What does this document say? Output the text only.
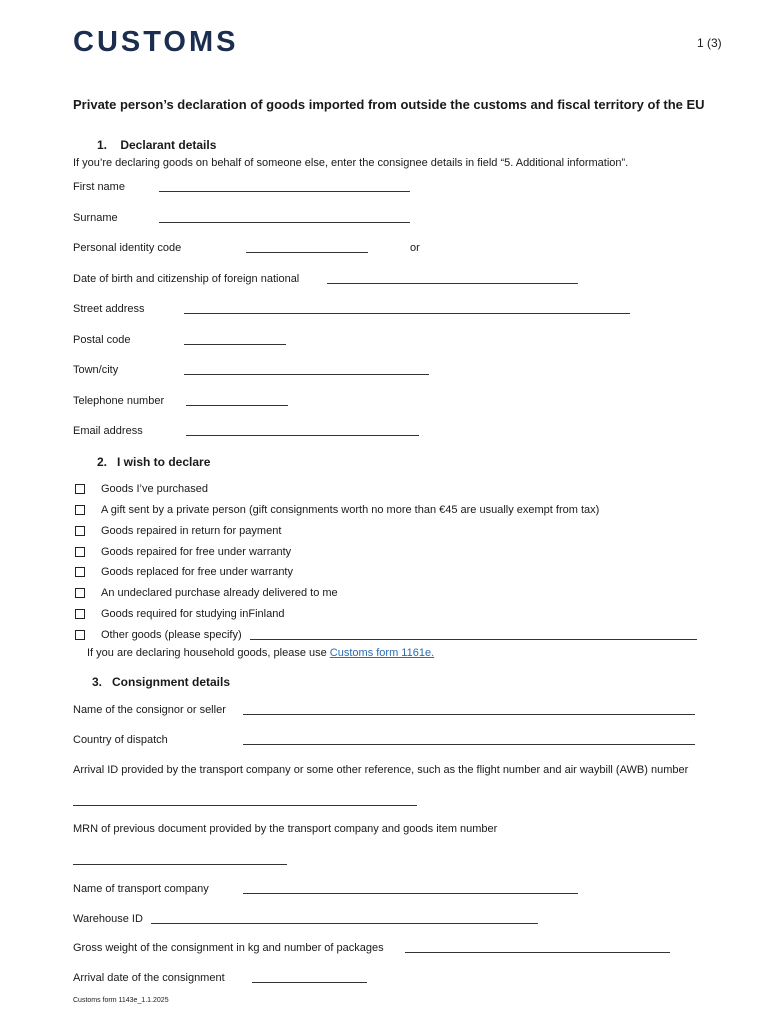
CUSTOMS	1 (3)
Private person’s declaration of goods imported from outside the customs and fiscal territory of the EU
1.    Declarant details
If you’re declaring goods on behalf of someone else, enter the consignee details in field “5. Additional information”.
First name
Surname
Personal identity code	or
Date of birth and citizenship of foreign national
Street address
Postal code
Town/city
Telephone number
Email address
2.   I wish to declare
Goods I’ve purchased
A gift sent by a private person (gift consignments worth no more than €45 are usually exempt from tax)
Goods repaired in return for payment
Goods repaired for free under warranty
Goods replaced for free under warranty
An undeclared purchase already delivered to me
Goods required for studying inFinland
Other goods (please specify)
If you are declaring household goods, please use Customs form 1161e.
3.   Consignment details
Name of the consignor or seller
Country of dispatch
Arrival ID provided by the transport company or some other reference, such as the flight number and air waybill (AWB) number
MRN of previous document provided by the transport company and goods item number
Name of transport company
Warehouse ID
Gross weight of the consignment in kg and number of packages
Arrival date of the consignment
Customs form 1143e_1.1.2025
